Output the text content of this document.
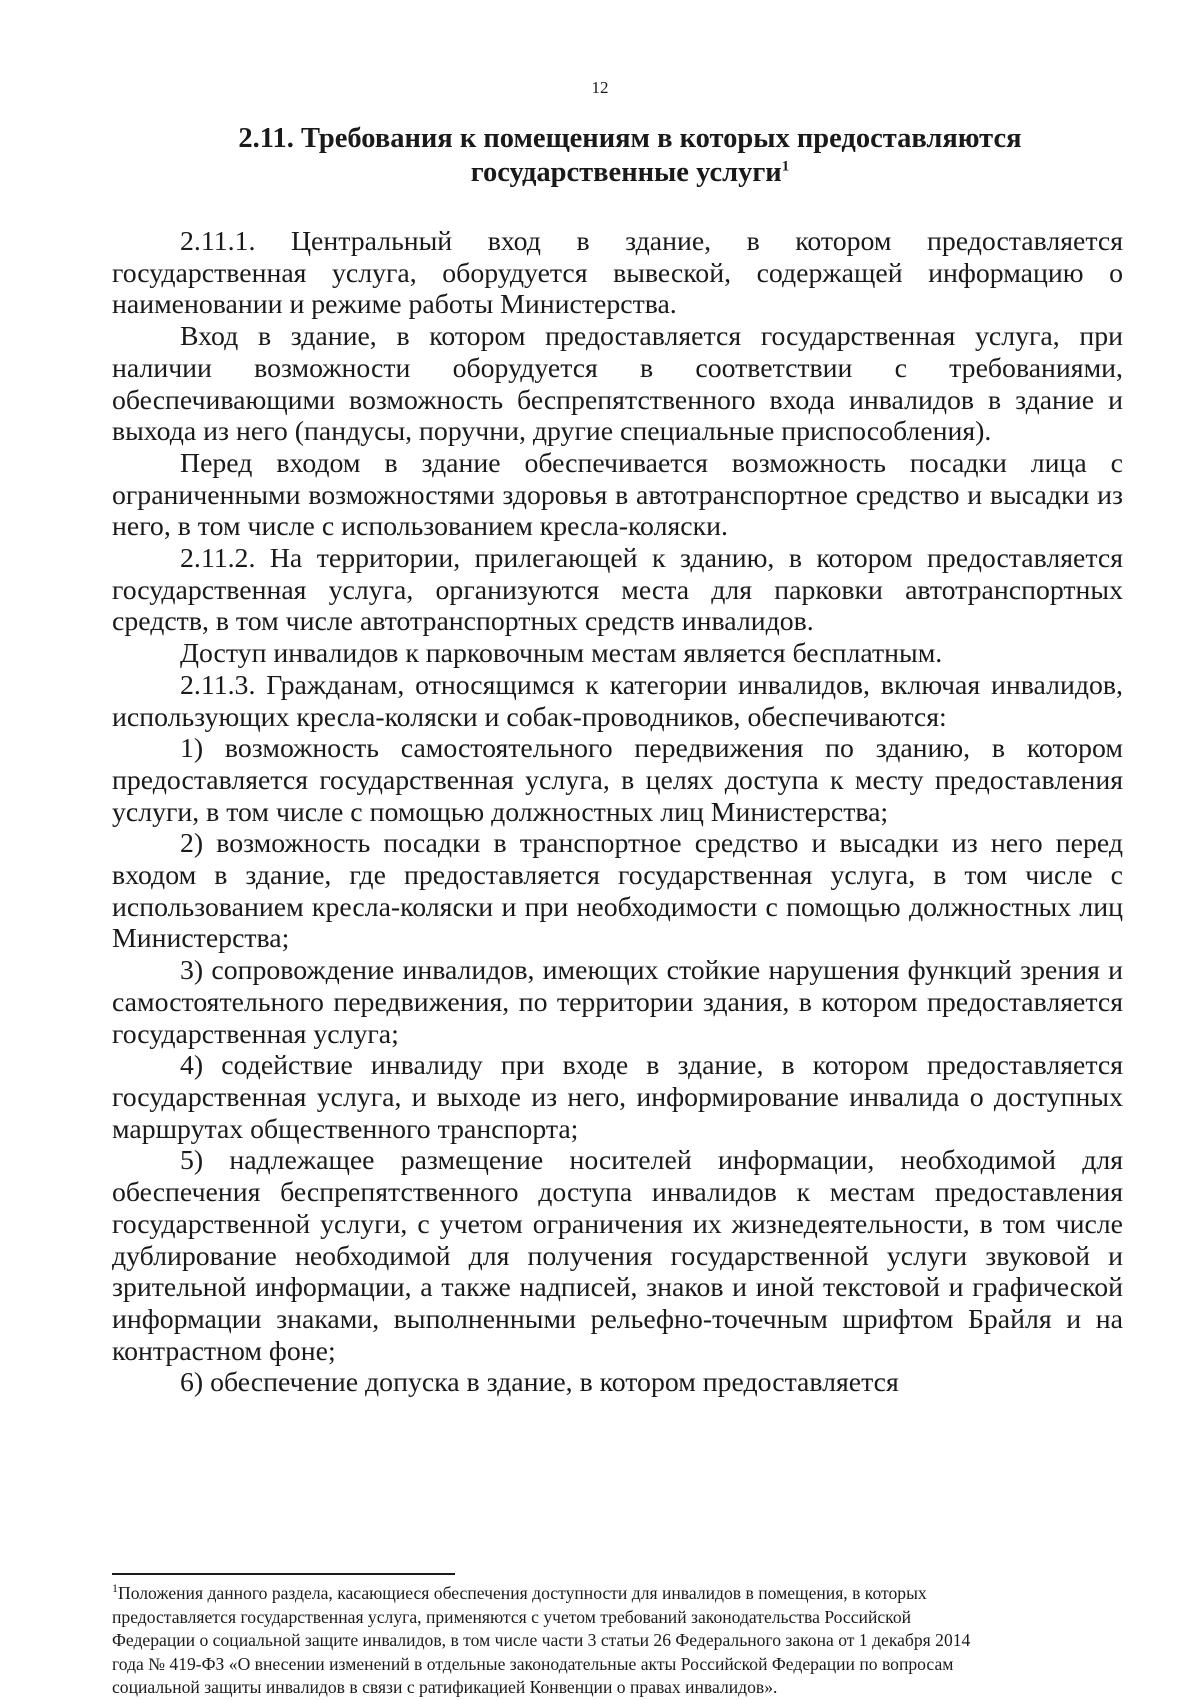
12
2.11. Требования к помещениям в которых предоставляются
государственные услуги$^1$

2.11.1. Центральный вход в здание, в котором предоставляется государственная услуга, оборудуется вывеской, содержащей информацию о наименовании и режиме работы Министерства.

Вход в здание, в котором предоставляется государственная услуга, при наличии возможности оборудуется в соответствии с требованиями, обеспечивающими возможность беспрепятственного входа инвалидов в здание и выхода из него (пандусы, поручни, другие специальные приспособления).

Перед входом в здание обеспечивается возможность посадки лица с ограниченными возможностями здоровья в автотранспортное средство и высадки из него, в том числе с использованием кресла-коляски.

2.11.2. На территории, прилегающей к зданию, в котором предоставляется государственная услуга, организуются места для парковки автотранспортных средств, в том числе автотранспортных средств инвалидов.

Доступ инвалидов к парковочным местам является бесплатным.

2.11.3. Гражданам, относящимся к категории инвалидов, включая инвалидов, использующих кресла-коляски и собак-проводников, обеспечиваются:

1) возможность самостоятельного передвижения по зданию, в котором предоставляется государственная услуга, в целях доступа к месту предоставления услуги, в том числе с помощью должностных лиц Министерства;

2) возможность посадки в транспортное средство и высадки из него перед входом в здание, где предоставляется государственная услуга, в том числе с использованием кресла-коляски и при необходимости с помощью должностных лиц Министерства;

3) сопровождение инвалидов, имеющих стойкие нарушения функций зрения и самостоятельного передвижения, по территории здания, в котором предоставляется государственная услуга;

4) содействие инвалиду при входе в здание, в котором предоставляется государственная услуга, и выходе из него, информирование инвалида о доступных маршрутах общественного транспорта;

5) надлежащее размещение носителей информации, необходимой для обеспечения беспрепятственного доступа инвалидов к местам предоставления государственной услуги, с учетом ограничения их жизнедеятельности, в том числе дублирование необходимой для получения государственной услуги звуковой и зрительной информации, а также надписей, знаков и иной текстовой и графической информации знаками, выполненными рельефно-точечным шрифтом Брайля и на контрастном фоне;

6) обеспечение допуска в здание, в котором предоставляется

$^1$Положения данного раздела, касающиеся обеспечения доступности для инвалидов в помещения, в которых
предоставляется государственная услуга, применяются с учетом требований законодательства Российской
Федерации о социальной защите инвалидов, в том числе части 3 статьи 26 Федерального закона от 1 декабря 2014
года № 419-ФЗ «О внесении изменений в отдельные законодательные акты Российской Федерации по вопросам
социальной защиты инвалидов в связи с ратификацией Конвенции о правах инвалидов».
